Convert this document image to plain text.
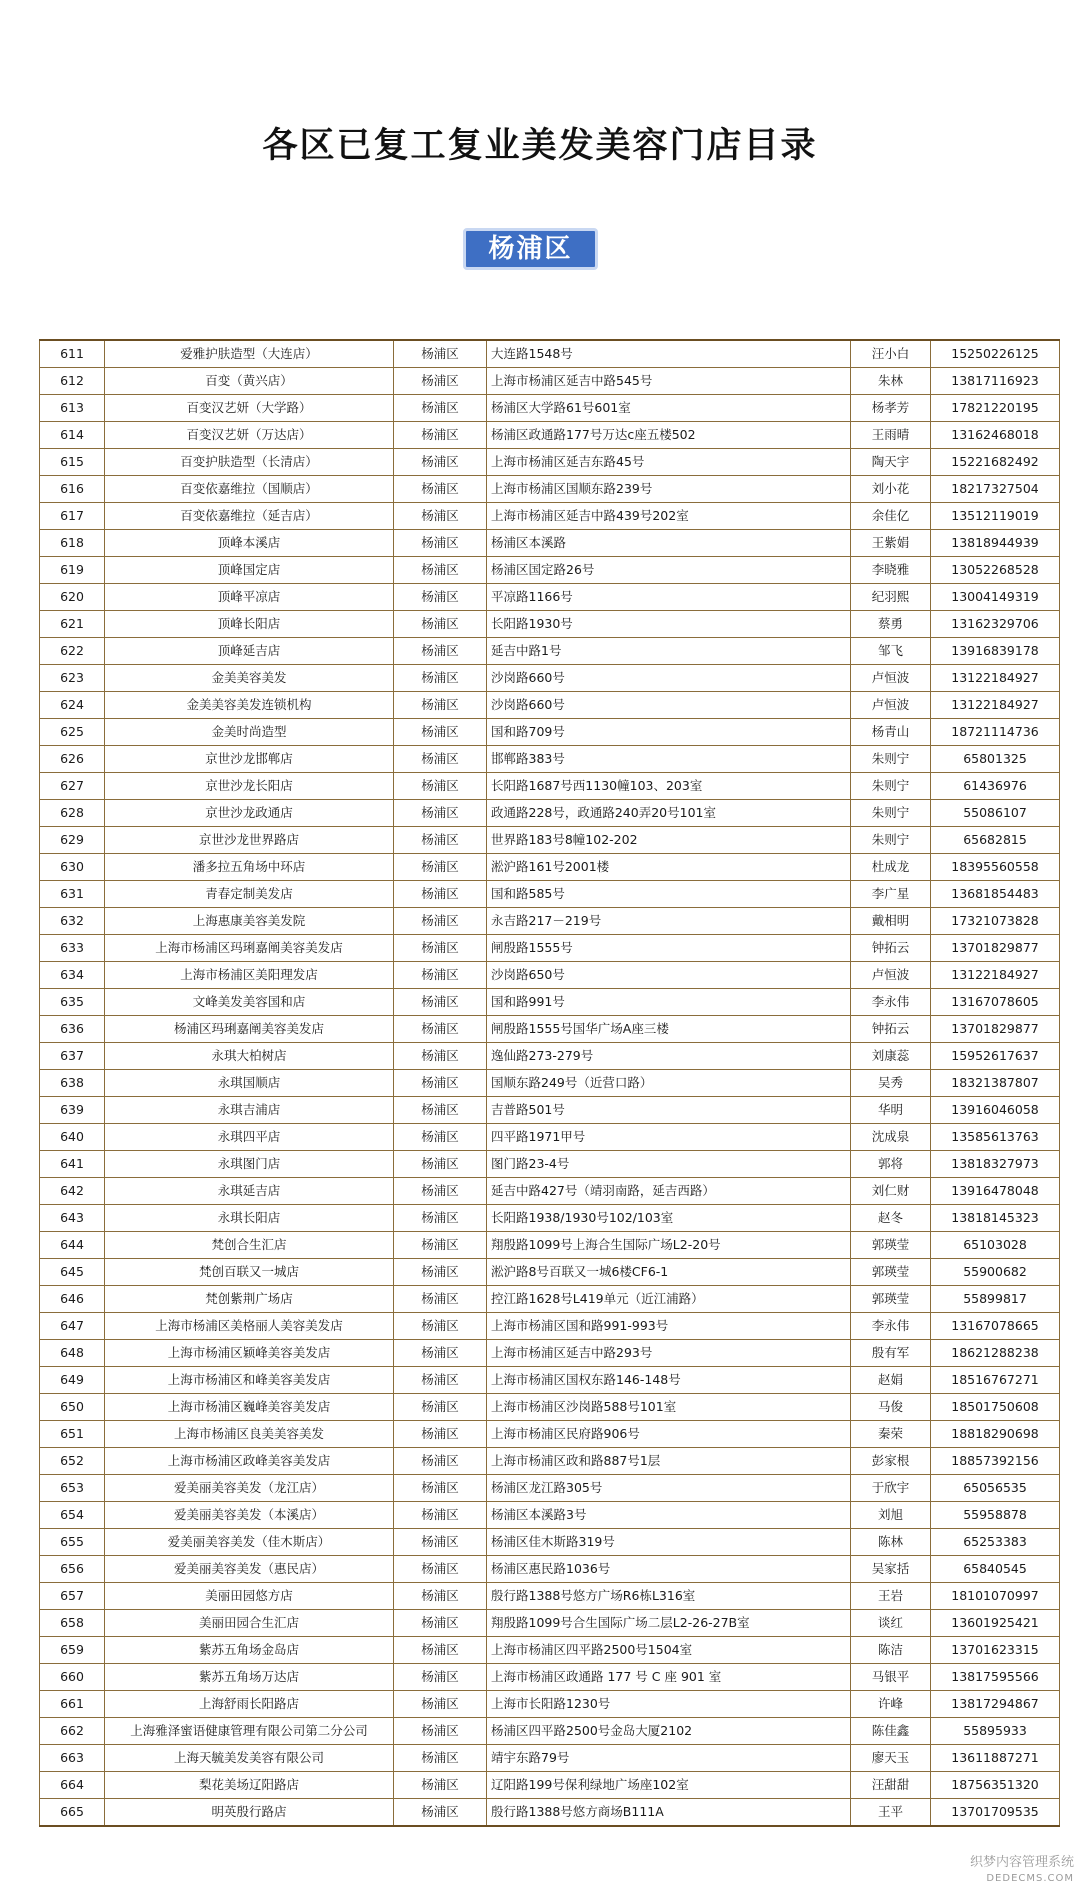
各区已复工复业美发美容门店目录
杨浦区
611	爱雅护肤造型（大连店）	杨浦区	大连路1548号	汪小白	15250226125
612	百变（黄兴店）	杨浦区	上海市杨浦区延吉中路545号	朱林	13817116923
613	百变汉艺妍（大学路）	杨浦区	杨浦区大学路61号601室	杨孝芳	17821220195
614	百变汉艺妍（万达店）	杨浦区	杨浦区政通路177号万达c座五楼502	王雨晴	13162468018
615	百变护肤造型（长清店）	杨浦区	上海市杨浦区延吉东路45号	陶天宇	15221682492
616	百变依嘉维拉（国顺店）	杨浦区	上海市杨浦区国顺东路239号	刘小花	18217327504
617	百变依嘉维拉（延吉店）	杨浦区	上海市杨浦区延吉中路439号202室	余佳亿	13512119019
618	顶峰本溪店	杨浦区	杨浦区本溪路	王紫娟	13818944939
619	顶峰国定店	杨浦区	杨浦区国定路26号	李晓雅	13052268528
620	顶峰平凉店	杨浦区	平凉路1166号	纪羽熙	13004149319
621	顶峰长阳店	杨浦区	长阳路1930号	蔡勇	13162329706
622	顶峰延吉店	杨浦区	延吉中路1号	邹飞	13916839178
623	金美美容美发	杨浦区	沙岗路660号	卢恒波	13122184927
624	金美美容美发连锁机构	杨浦区	沙岗路660号	卢恒波	13122184927
625	金美时尚造型	杨浦区	国和路709号	杨青山	18721114736
626	京世沙龙邯郸店	杨浦区	邯郸路383号	朱则宁	65801325
627	京世沙龙长阳店	杨浦区	长阳路1687号西1130幢103、203室	朱则宁	61436976
628	京世沙龙政通店	杨浦区	政通路228号，政通路240弄20号101室	朱则宁	55086107
629	京世沙龙世界路店	杨浦区	世界路183号8幢102-202	朱则宁	65682815
630	潘多拉五角场中环店	杨浦区	淞沪路161号2001楼	杜成龙	18395560558
631	青春定制美发店	杨浦区	国和路585号	李广星	13681854483
632	上海惠康美容美发院	杨浦区	永吉路217－219号	戴相明	17321073828
633	上海市杨浦区玛琍嘉阐美容美发店	杨浦区	闸殷路1555号	钟拓云	13701829877
634	上海市杨浦区美阳理发店	杨浦区	沙岗路650号	卢恒波	13122184927
635	文峰美发美容国和店	杨浦区	国和路991号	李永伟	13167078605
636	杨浦区玛琍嘉阐美容美发店	杨浦区	闸殷路1555号国华广场A座三楼	钟拓云	13701829877
637	永琪大柏树店	杨浦区	逸仙路273-279号	刘康蕊	15952617637
638	永琪国顺店	杨浦区	国顺东路249号（近营口路）	吴秀	18321387807
639	永琪吉浦店	杨浦区	吉普路501号	华明	13916046058
640	永琪四平店	杨浦区	四平路1971甲号	沈成泉	13585613763
641	永琪图门店	杨浦区	图门路23-4号	郭将	13818327973
642	永琪延吉店	杨浦区	延吉中路427号（靖羽南路，延吉西路）	刘仁财	13916478048
643	永琪长阳店	杨浦区	长阳路1938/1930号102/103室	赵冬	13818145323
644	梵创合生汇店	杨浦区	翔殷路1099号上海合生国际广场L2-20号	郭瑛莹	65103028
645	梵创百联又一城店	杨浦区	淞沪路8号百联又一城6楼CF6-1	郭瑛莹	55900682
646	梵创紫荆广场店	杨浦区	控江路1628号L419单元（近江浦路）	郭瑛莹	55899817
647	上海市杨浦区美格丽人美容美发店	杨浦区	上海市杨浦区国和路991-993号	李永伟	13167078665
648	上海市杨浦区颖峰美容美发店	杨浦区	上海市杨浦区延吉中路293号	殷有军	18621288238
649	上海市杨浦区和峰美容美发店	杨浦区	上海市杨浦区国权东路146-148号	赵娟	18516767271
650	上海市杨浦区巍峰美容美发店	杨浦区	上海市杨浦区沙岗路588号101室	马俊	18501750608
651	上海市杨浦区良美美容美发	杨浦区	上海市杨浦区民府路906号	秦荣	18818290698
652	上海市杨浦区政峰美容美发店	杨浦区	上海市杨浦区政和路887号1层	彭家根	18857392156
653	爱美丽美容美发（龙江店）	杨浦区	杨浦区龙江路305号	于欣宇	65056535
654	爱美丽美容美发（本溪店）	杨浦区	杨浦区本溪路3号	刘旭	55958878
655	爱美丽美容美发（佳木斯店）	杨浦区	杨浦区佳木斯路319号	陈林	65253383
656	爱美丽美容美发（惠民店）	杨浦区	杨浦区惠民路1036号	吴家括	65840545
657	美丽田园悠方店	杨浦区	殷行路1388号悠方广场R6栋L316室	王岩	18101070997
658	美丽田园合生汇店	杨浦区	翔殷路1099号合生国际广场二层L2-26-27B室	谈红	13601925421
659	紫苏五角场金岛店	杨浦区	上海市杨浦区四平路2500号1504室	陈洁	13701623315
660	紫苏五角场万达店	杨浦区	上海市杨浦区政通路 177 号 C 座 901 室	马银平	13817595566
661	上海舒雨长阳路店	杨浦区	上海市长阳路1230号	许峰	13817294867
662	上海雅泽蜜语健康管理有限公司第二分公司	杨浦区	杨浦区四平路2500号金岛大厦2102	陈佳鑫	55895933
663	上海天毓美发美容有限公司	杨浦区	靖宇东路79号	廖天玉	13611887271
664	梨花美场辽阳路店	杨浦区	辽阳路199号保利绿地广场座102室	汪甜甜	18756351320
665	明英殷行路店	杨浦区	殷行路1388号悠方商场B111A	王平	13701709535
织梦内容管理系统
DEDECMS.COM
